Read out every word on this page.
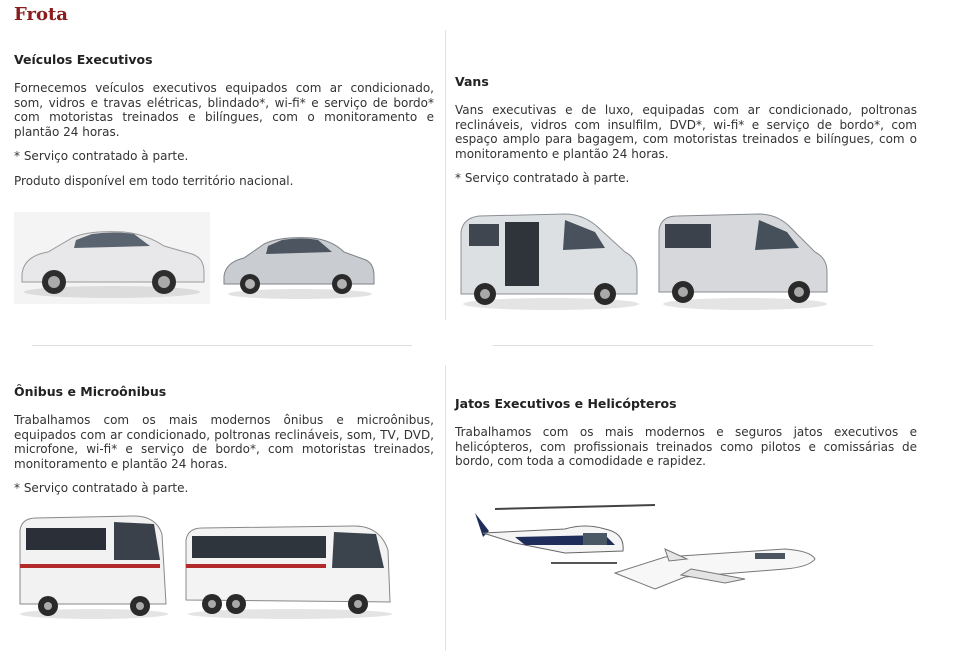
Frota
Veículos Executivos

Fornecemos veículos executivos equipados com ar condicionado, som, vidros e travas elétricas, blindado*, wi-fi* e serviço de bordo* com motoristas treinados e bilíngues, com o monitoramento e plantão 24 horas.

* Serviço contratado à parte.

Produto disponível em todo território nacional.

Vans

Vans executivas e de luxo, equipadas com ar condicionado, poltronas reclináveis, vidros com insulfilm, DVD*, wi-fi* e serviço de bordo*, com espaço amplo para bagagem, com motoristas treinados e bilíngues, com o monitoramento e plantão 24 horas.

* Serviço contratado à parte.

Ônibus e Microônibus

Trabalhamos com os mais modernos ônibus e microônibus, equipados com ar condicionado, poltronas reclináveis, som, TV, DVD, microfone, wi-fi* e serviço de bordo*, com motoristas treinados, monitoramento e plantão 24 horas.

* Serviço contratado à parte.

Jatos Executivos e Helicópteros

Trabalhamos com os mais modernos e seguros jatos executivos e helicópteros, com profissionais treinados como pilotos e comissárias de bordo, com toda a comodidade e rapidez.
